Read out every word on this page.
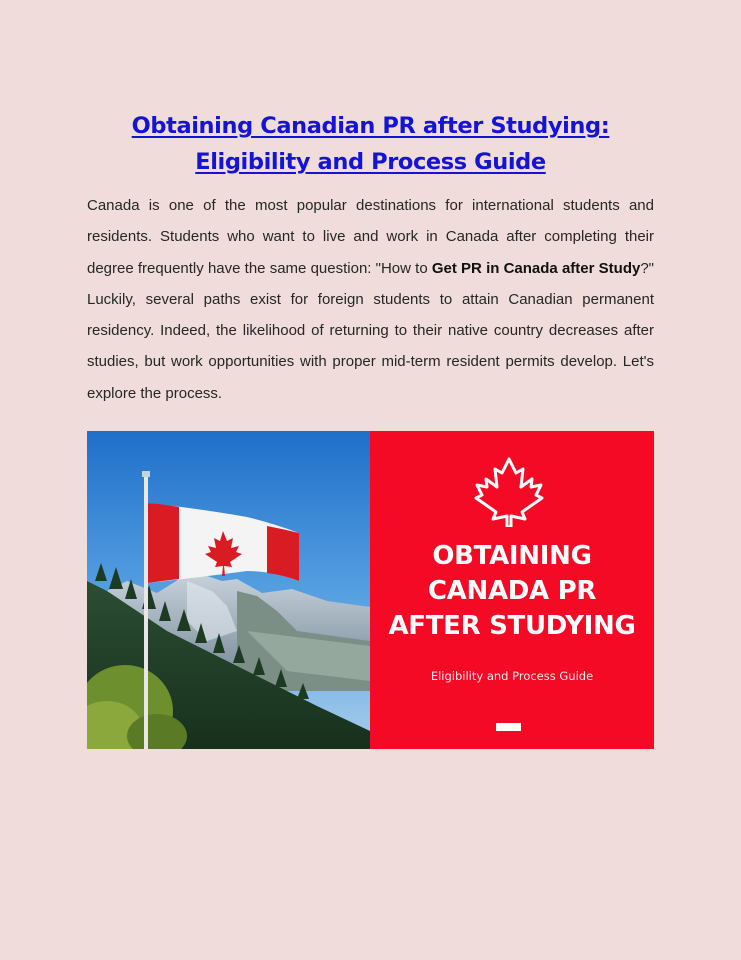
Obtaining Canadian PR after Studying:
Eligibility and Process Guide

Canada is one of the most popular destinations for international students and residents. Students who want to live and work in Canada after completing their degree frequently have the same question: "How to Get PR in Canada after Study?" Luckily, several paths exist for foreign students to attain Canadian permanent residency. Indeed, the likelihood of returning to their native country decreases after studies, but work opportunities with proper mid-term resident permits develop. Let's explore the process.

OBTAINING
CANADA PR
AFTER STUDYING
Eligibility and Process Guide
